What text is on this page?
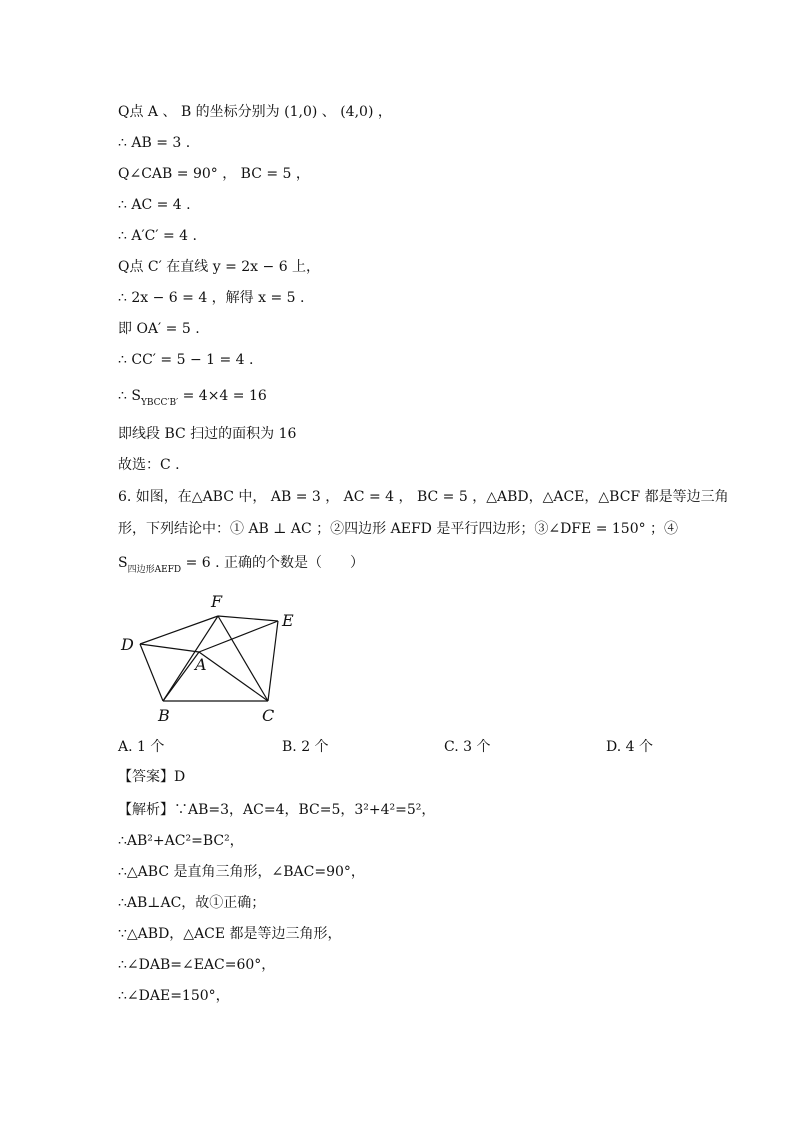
Q点 A 、 B 的坐标分别为 (1,0) 、 (4,0) ，
∴ AB = 3 .
Q∠CAB = 90° ， BC = 5 ，
∴ AC = 4 .
∴ A′C′ = 4 .
Q点 C′ 在直线 y = 2x − 6 上，
∴ 2x − 6 = 4 ，解得 x = 5 .
即 OA′ = 5 .
∴ CC′ = 5 − 1 = 4 .
∴ $S_{YBCC'B'} = 4\times 4 = 16$
即线段 BC 扫过的面积为 16
故选：C .
6. 如图，在△ABC 中， AB = 3 ， AC = 4 ， BC = 5 ，△ABD，△ACE，△BCF 都是等边三角
形，下列结论中：① AB ⊥ AC ；②四边形 AEFD 是平行四边形；③∠DFE = 150° ；④
$S_{四边形AEFD} = 6$ . 正确的个数是（　　）
F
E
D
A
B	C
A. 1 个	B. 2 个	C. 3 个	D. 4 个
【答案】D
【解析】∵AB=3，AC=4，BC=5，3²+4²=5²，
∴AB²+AC²=BC²，
∴△ABC 是直角三角形，∠BAC=90°，
∴AB⊥AC，故①正确；
∵△ABD，△ACE 都是等边三角形，
∴∠DAB=∠EAC=60°，
∴∠DAE=150°，
